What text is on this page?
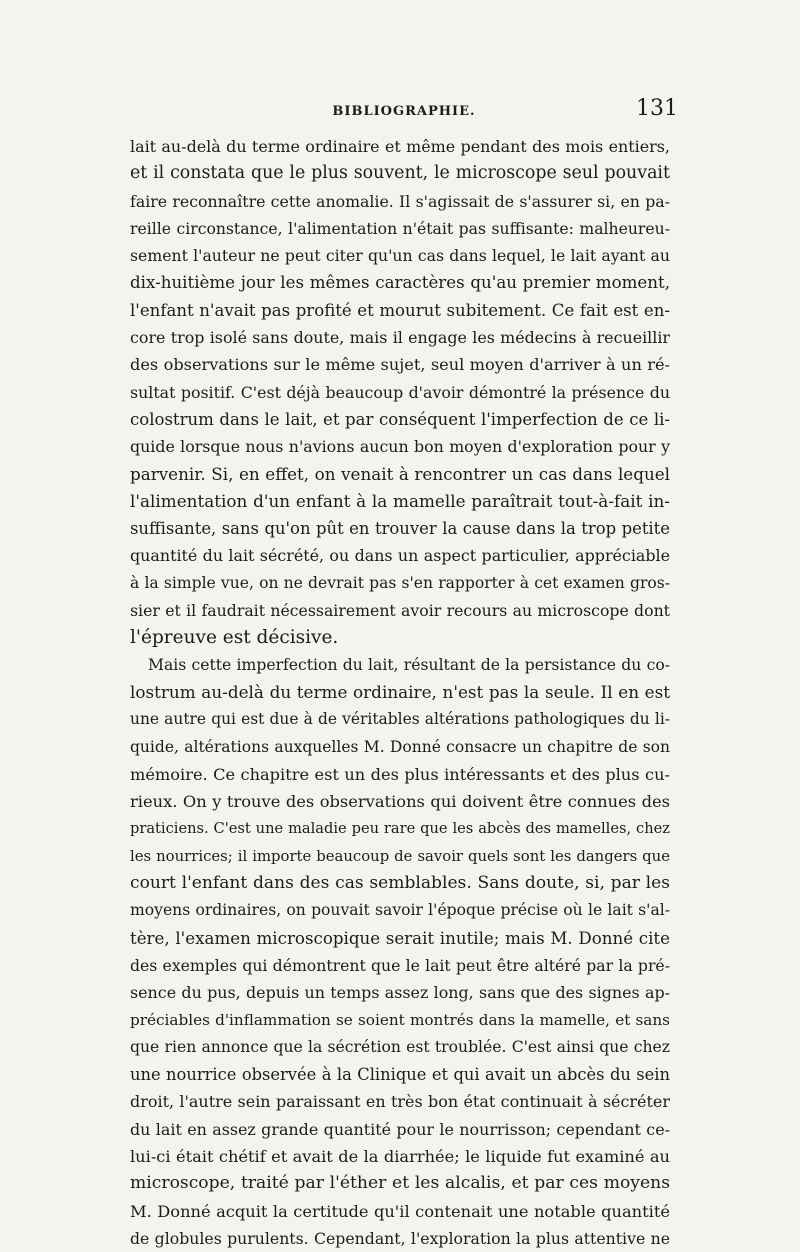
BIBLIOGRAPHIE.	131
lait au-delà du terme ordinaire et même pendant des mois entiers,
et il constata que le plus souvent, le microscope seul pouvait
faire reconnaître cette anomalie. Il s'agissait de s'assurer si, en pa-
reille circonstance, l'alimentation n'était pas suffisante: malheureu-
sement l'auteur ne peut citer qu'un cas dans lequel, le lait ayant au
dix-huitième jour les mêmes caractères qu'au premier moment,
l'enfant n'avait pas profité et mourut subitement. Ce fait est en-
core trop isolé sans doute, mais il engage les médecins à recueillir
des observations sur le même sujet, seul moyen d'arriver à un ré-
sultat positif. C'est déjà beaucoup d'avoir démontré la présence du
colostrum dans le lait, et par conséquent l'imperfection de ce li-
quide lorsque nous n'avions aucun bon moyen d'exploration pour y
parvenir. Si, en effet, on venait à rencontrer un cas dans lequel
l'alimentation d'un enfant à la mamelle paraîtrait tout-à-fait in-
suffisante, sans qu'on pût en trouver la cause dans la trop petite
quantité du lait sécrété, ou dans un aspect particulier, appréciable
à la simple vue, on ne devrait pas s'en rapporter à cet examen gros-
sier et il faudrait nécessairement avoir recours au microscope dont
l'épreuve est décisive.
Mais cette imperfection du lait, résultant de la persistance du co-
lostrum au-delà du terme ordinaire, n'est pas la seule. Il en est
une autre qui est due à de véritables altérations pathologiques du li-
quide, altérations auxquelles M. Donné consacre un chapitre de son
mémoire. Ce chapitre est un des plus intéressants et des plus cu-
rieux. On y trouve des observations qui doivent être connues des
praticiens. C'est une maladie peu rare que les abcès des mamelles, chez
les nourrices; il importe beaucoup de savoir quels sont les dangers que
court l'enfant dans des cas semblables. Sans doute, si, par les
moyens ordinaires, on pouvait savoir l'époque précise où le lait s'al-
tère, l'examen microscopique serait inutile; mais M. Donné cite
des exemples qui démontrent que le lait peut être altéré par la pré-
sence du pus, depuis un temps assez long, sans que des signes ap-
préciables d'inflammation se soient montrés dans la mamelle, et sans
que rien annonce que la sécrétion est troublée. C'est ainsi que chez
une nourrice observée à la Clinique et qui avait un abcès du sein
droit, l'autre sein paraissant en très bon état continuait à sécréter
du lait en assez grande quantité pour le nourrisson; cependant ce-
lui-ci était chétif et avait de la diarrhée; le liquide fut examiné au
microscope, traité par l'éther et les alcalis, et par ces moyens
M. Donné acquit la certitude qu'il contenait une notable quantité
de globules purulents. Cependant, l'exploration la plus attentive ne
